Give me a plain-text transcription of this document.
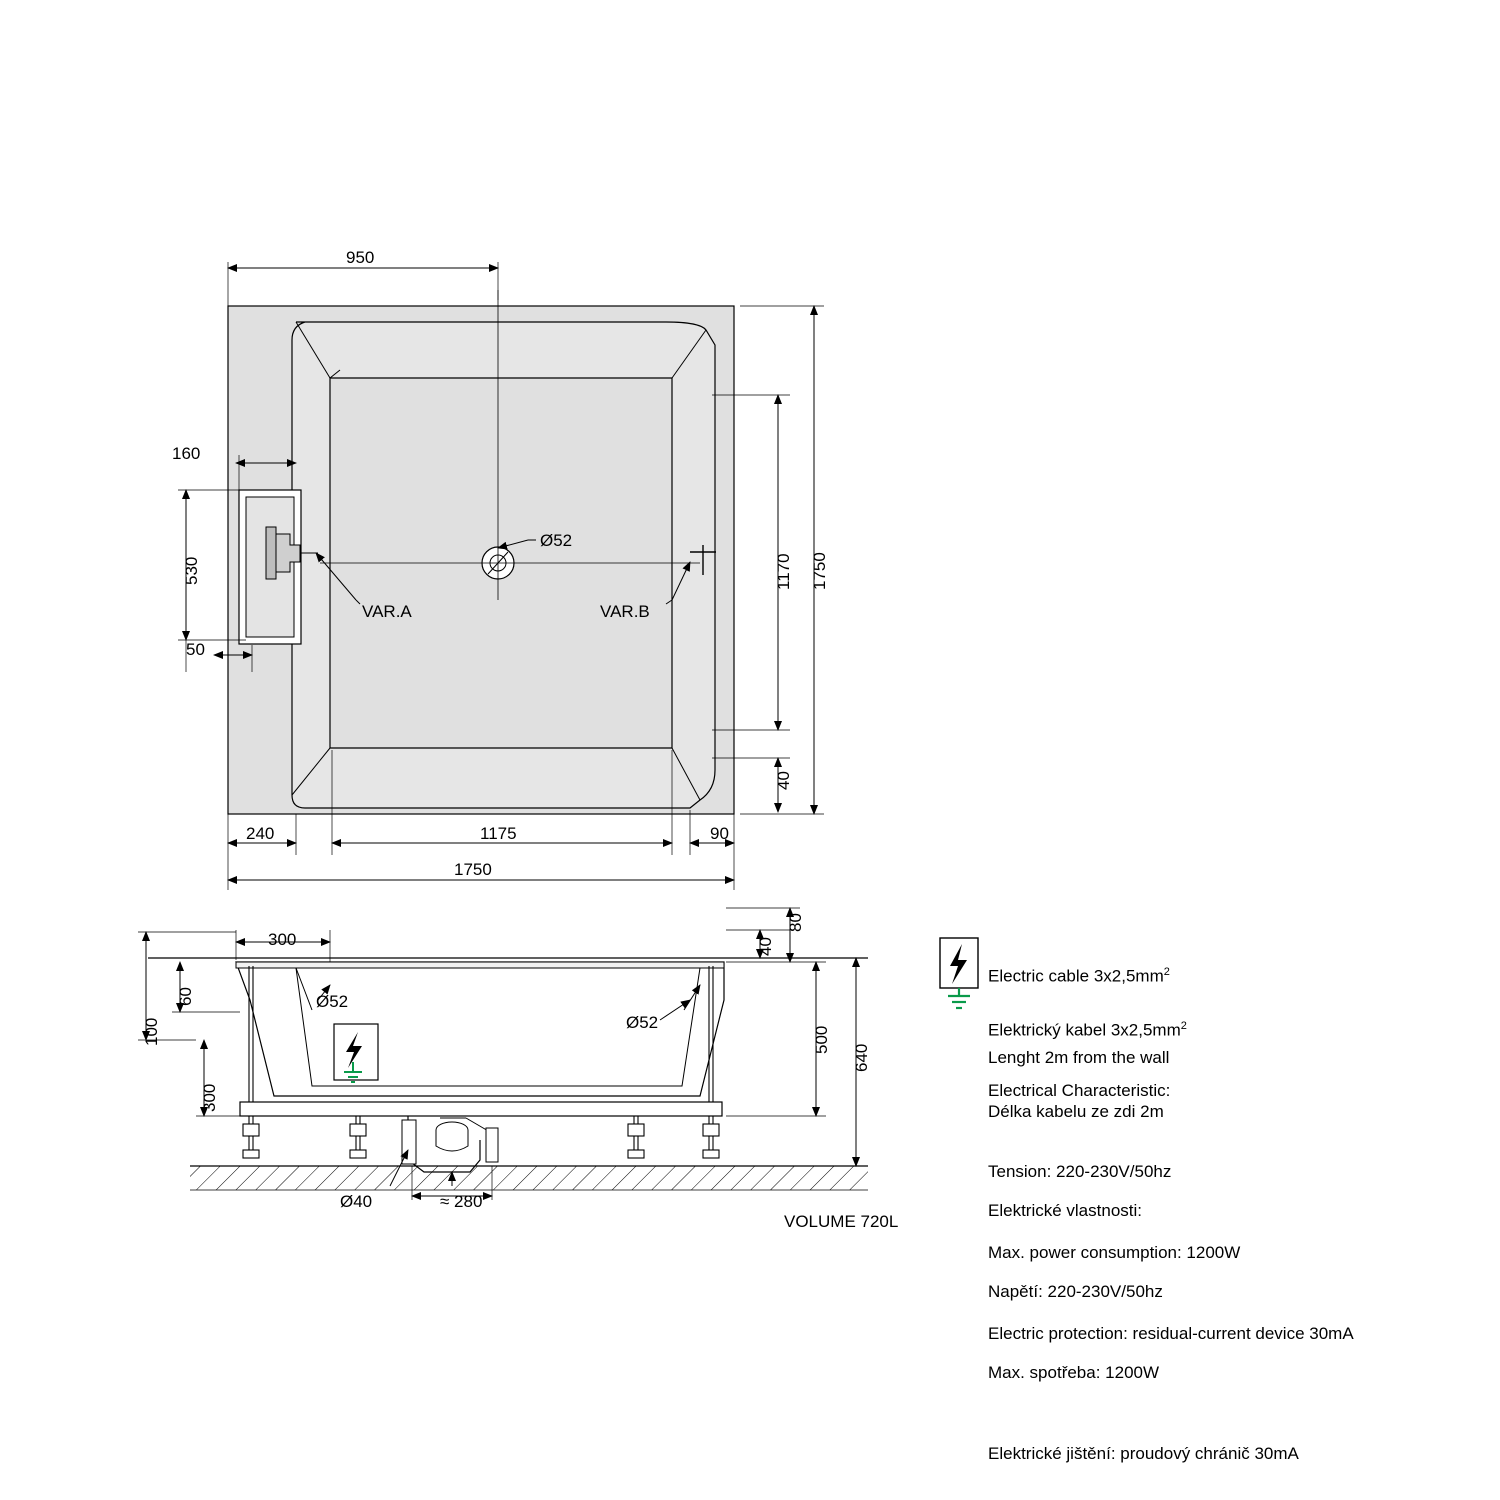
950
1750
240	1175	90
160
530
50
1170 1750
40
Ø52
VAR.A	VAR.B
300
100
60
300
500
640
40
80
Ø52
Ø52
Ø40	≈ 280
VOLUME 720L

Electric cable $3x2,5mm^2$

Lenght 2m from the wall

Elektrický kabel $3x2,5mm^2$

Délka kabelu ze zdi 2m

Electrical Characteristic:

Tension: 220-230V/50hz

Max. power consumption: 1200W

Electric protection: residual-current device 30mA

Elektrické vlastnosti:

Napětí: 220-230V/50hz

Max. spotřeba: 1200W

Elektrické jištění: proudový chránič 30mA
